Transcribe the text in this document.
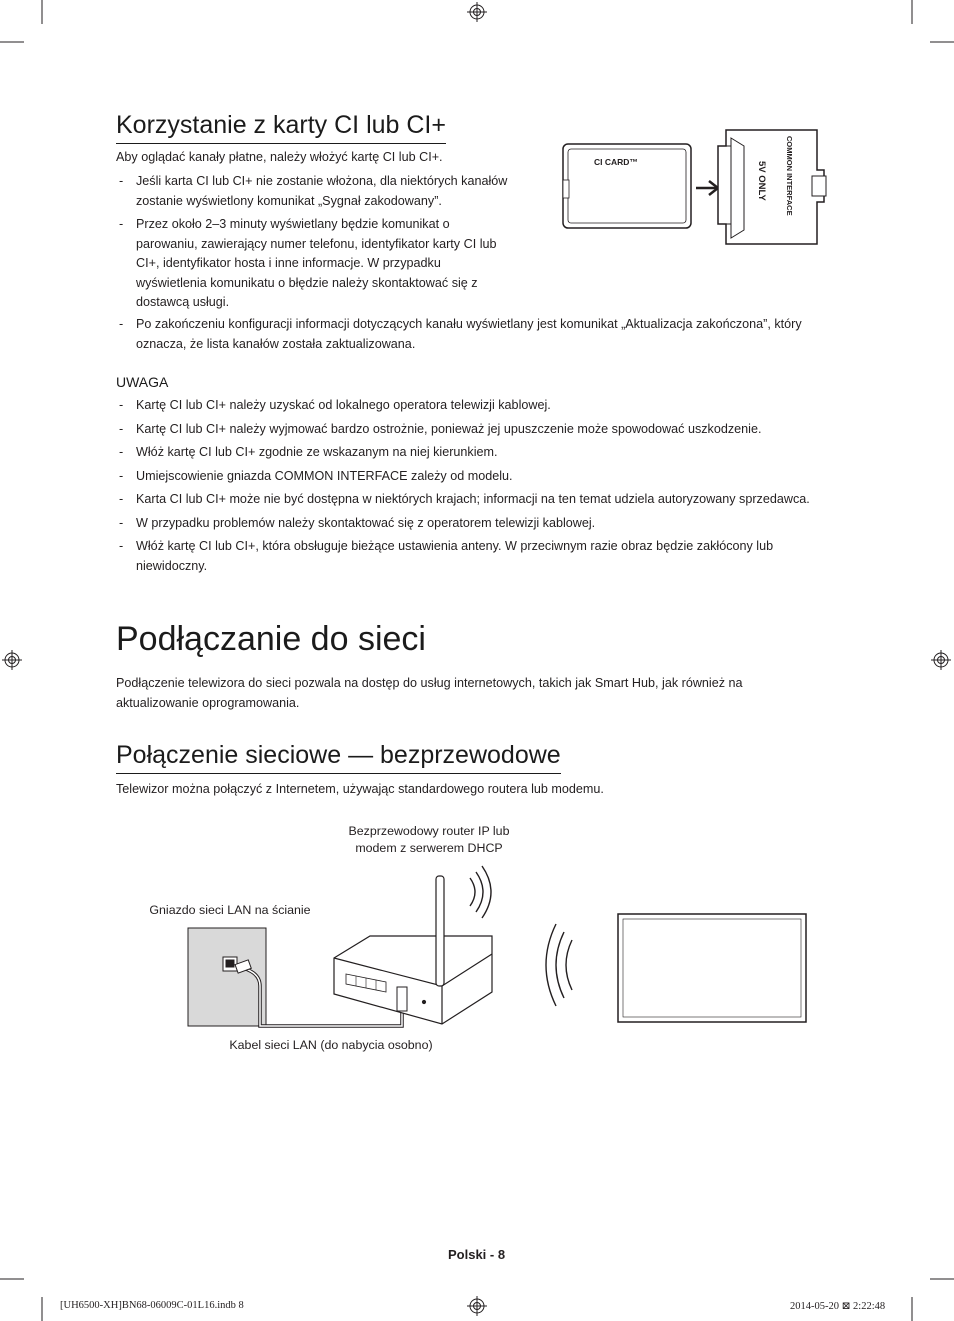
Korzystanie z karty CI lub CI+
Aby oglądać kanały płatne, należy włożyć kartę CI lub CI+.
- Jeśli karta CI lub CI+ nie zostanie włożona, dla niektórych kanałów zostanie wyświetlony komunikat „Sygnał zakodowany”.
- Przez około 2–3 minuty wyświetlany będzie komunikat o parowaniu, zawierający numer telefonu, identyfikator karty CI lub CI+, identyfikator hosta i inne informacje. W przypadku wyświetlenia komunikatu o błędzie należy skontaktować się z dostawcą usługi.
- Po zakończeniu konfiguracji informacji dotyczących kanału wyświetlany jest komunikat „Aktualizacja zakończona”, który oznacza, że lista kanałów została zaktualizowana.
CI CARD™	COMMON INTERFACE
5V ONLY
UWAGA
- Kartę CI lub CI+ należy uzyskać od lokalnego operatora telewizji kablowej.
- Kartę CI lub CI+ należy wyjmować bardzo ostrożnie, ponieważ jej upuszczenie może spowodować uszkodzenie.
- Włóż kartę CI lub CI+ zgodnie ze wskazanym na niej kierunkiem.
- Umiejscowienie gniazda COMMON INTERFACE zależy od modelu.
- Karta CI lub CI+ może nie być dostępna w niektórych krajach; informacji na ten temat udziela autoryzowany sprzedawca.
- W przypadku problemów należy skontaktować się z operatorem telewizji kablowej.
- Włóż kartę CI lub CI+, która obsługuje bieżące ustawienia anteny. W przeciwnym razie obraz będzie zakłócony lub niewidoczny.
Podłączanie do sieci
Podłączenie telewizora do sieci pozwala na dostęp do usług internetowych, takich jak Smart Hub, jak również na aktualizowanie oprogramowania.
Połączenie sieciowe — bezprzewodowe
Telewizor można połączyć z Internetem, używając standardowego routera lub modemu.
Bezprzewodowy router IP lub
modem z serwerem DHCP
Gniazdo sieci LAN na ścianie
Kabel sieci LAN (do nabycia osobno)
Polski - 8
[UH6500-XH]BN68-06009C-01L16.indb 8	2014-05-20 ⊠ 2:22:48
